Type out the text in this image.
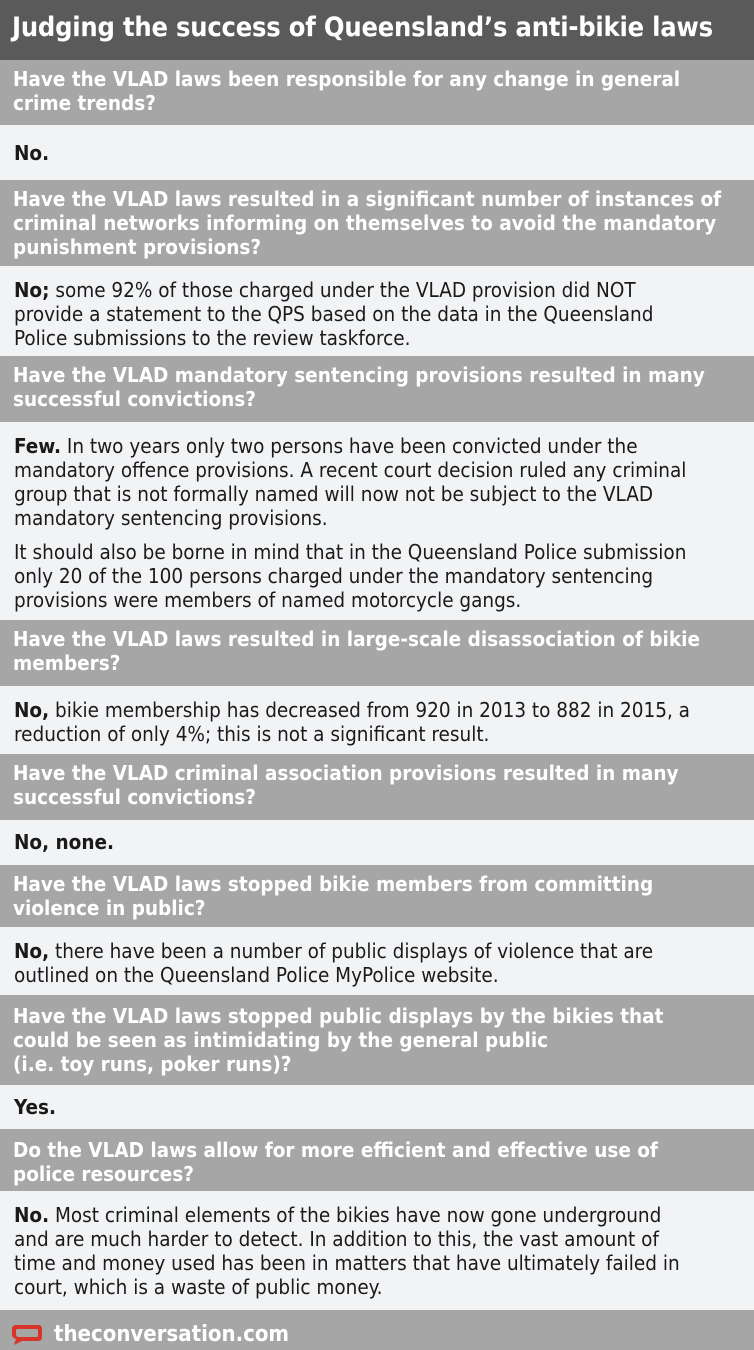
Judging the success of Queensland’s anti-bikie laws
Have the VLAD laws been responsible for any change in general
crime trends?
No.
Have the VLAD laws resulted in a significant number of instances of
criminal networks informing on themselves to avoid the mandatory
punishment provisions?
No; some 92% of those charged under the VLAD provision did NOT
provide a statement to the QPS based on the data in the Queensland
Police submissions to the review taskforce.
Have the VLAD mandatory sentencing provisions resulted in many
successful convictions?
Few. In two years only two persons have been convicted under the
mandatory offence provisions. A recent court decision ruled any criminal
group that is not formally named will now not be subject to the VLAD
mandatory sentencing provisions.
It should also be borne in mind that in the Queensland Police submission
only 20 of the 100 persons charged under the mandatory sentencing
provisions were members of named motorcycle gangs.
Have the VLAD laws resulted in large-scale disassociation of bikie
members?
No, bikie membership has decreased from 920 in 2013 to 882 in 2015, a
reduction of only 4%; this is not a significant result.
Have the VLAD criminal association provisions resulted in many
successful convictions?
No, none.
Have the VLAD laws stopped bikie members from committing
violence in public?
No, there have been a number of public displays of violence that are
outlined on the Queensland Police MyPolice website.
Have the VLAD laws stopped public displays by the bikies that
could be seen as intimidating by the general public
(i.e. toy runs, poker runs)?
Yes.
Do the VLAD laws allow for more efficient and effective use of
police resources?
No. Most criminal elements of the bikies have now gone underground
and are much harder to detect. In addition to this, the vast amount of
time and money used has been in matters that have ultimately failed in
court, which is a waste of public money.
theconversation.com
